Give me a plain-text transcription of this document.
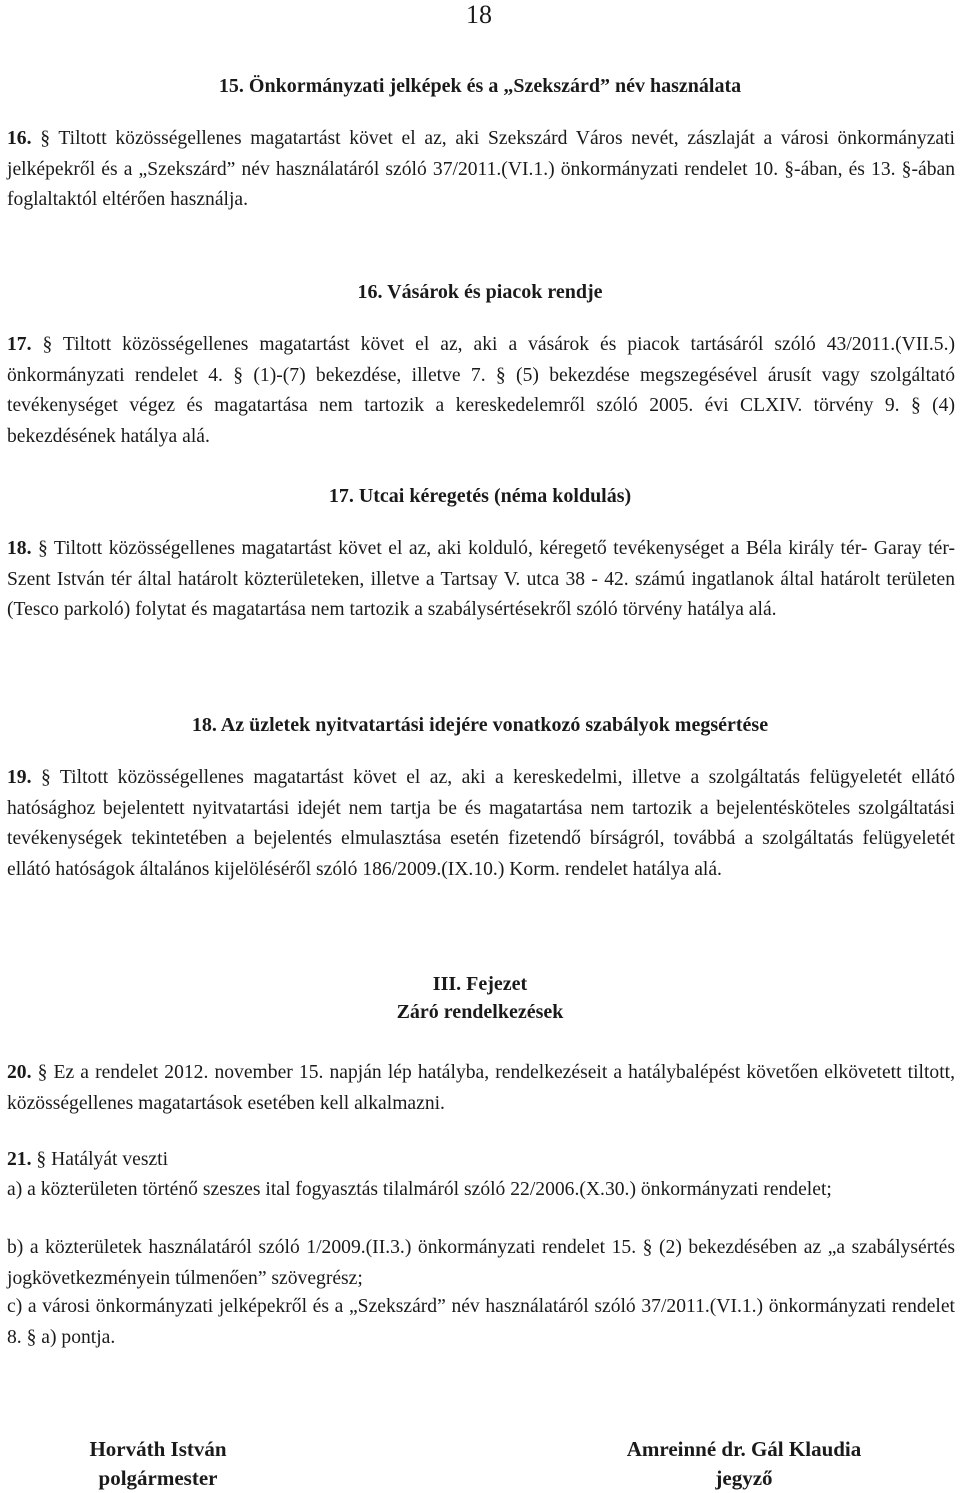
18
15. Önkormányzati jelképek és a „Szekszárd” név használata
16. § Tiltott közösségellenes magatartást követ el az, aki Szekszárd Város nevét, zászlaját a városi önkormányzati jelképekről és a „Szekszárd” név használatáról szóló 37/2011.(VI.1.) önkormányzati rendelet 10. §-ában, és 13. §-ában foglaltaktól eltérően használja.
16. Vásárok és piacok rendje
17. § Tiltott közösségellenes magatartást követ el az, aki a vásárok és piacok tartásáról szóló 43/2011.(VII.5.) önkormányzati rendelet 4. § (1)-(7) bekezdése, illetve 7. § (5) bekezdése megszegésével árusít vagy szolgáltató tevékenységet végez és magatartása nem tartozik a kereskedelemről szóló 2005. évi CLXIV. törvény 9. § (4) bekezdésének hatálya alá.
17. Utcai kéregetés (néma koldulás)
18. § Tiltott közösségellenes magatartást követ el az, aki kolduló, kéregető tevékenységet a Béla király tér- Garay tér- Szent István tér által határolt közterületeken, illetve a Tartsay V. utca 38 - 42. számú ingatlanok által határolt területen (Tesco parkoló) folytat és magatartása nem tartozik a szabálysértésekről szóló törvény hatálya alá.
18. Az üzletek nyitvatartási idejére vonatkozó szabályok megsértése
19. § Tiltott közösségellenes magatartást követ el az, aki a kereskedelmi, illetve a szolgáltatás felügyeletét ellátó hatósághoz bejelentett nyitvatartási idejét nem tartja be és magatartása nem tartozik a bejelentésköteles szolgáltatási tevékenységek tekintetében a bejelentés elmulasztása esetén fizetendő bírságról, továbbá a szolgáltatás felügyeletét ellátó hatóságok általános kijelöléséről szóló 186/2009.(IX.10.) Korm. rendelet hatálya alá.
III. Fejezet
Záró rendelkezések
20. § Ez a rendelet 2012. november 15. napján lép hatályba, rendelkezéseit a hatálybalépést követően elkövetett tiltott, közösségellenes magatartások esetében kell alkalmazni.
21. § Hatályát veszti
a) a közterületen történő szeszes ital fogyasztás tilalmáról szóló 22/2006.(X.30.) önkormányzati rendelet;
b) a közterületek használatáról szóló 1/2009.(II.3.) önkormányzati rendelet 15. § (2) bekezdésében az „a szabálysértés jogkövetkezményein túlmenően” szövegrész;
c) a városi önkormányzati jelképekről és a „Szekszárd” név használatáról szóló 37/2011.(VI.1.) önkormányzati rendelet 8. § a) pontja.
Horváth István
polgármester
Amreinné dr. Gál Klaudia
jegyző
